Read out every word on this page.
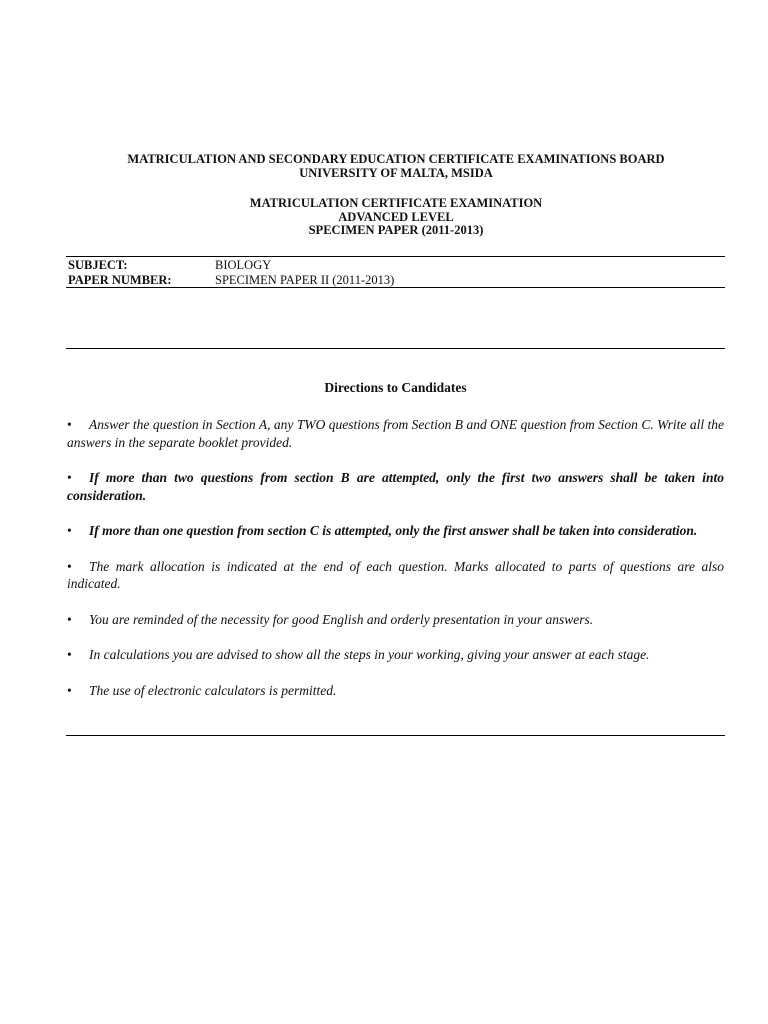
MATRICULATION AND SECONDARY EDUCATION CERTIFICATE EXAMINATIONS BOARD
UNIVERSITY OF MALTA, MSIDA
MATRICULATION CERTIFICATE EXAMINATION
ADVANCED LEVEL
SPECIMEN PAPER (2011-2013)
SUBJECT:	BIOLOGY
PAPER NUMBER:	SPECIMEN PAPER II (2011-2013)
Directions to Candidates
• Answer the question in Section A, any TWO questions from Section B and ONE question from Section C. Write all the answers in the separate booklet provided.
• If more than two questions from section B are attempted, only the first two answers shall be taken into consideration.
• If more than one question from section C is attempted, only the first answer shall be taken into consideration.
• The mark allocation is indicated at the end of each question. Marks allocated to parts of questions are also indicated.
• You are reminded of the necessity for good English and orderly presentation in your answers.
• In calculations you are advised to show all the steps in your working, giving your answer at each stage.
• The use of electronic calculators is permitted.
